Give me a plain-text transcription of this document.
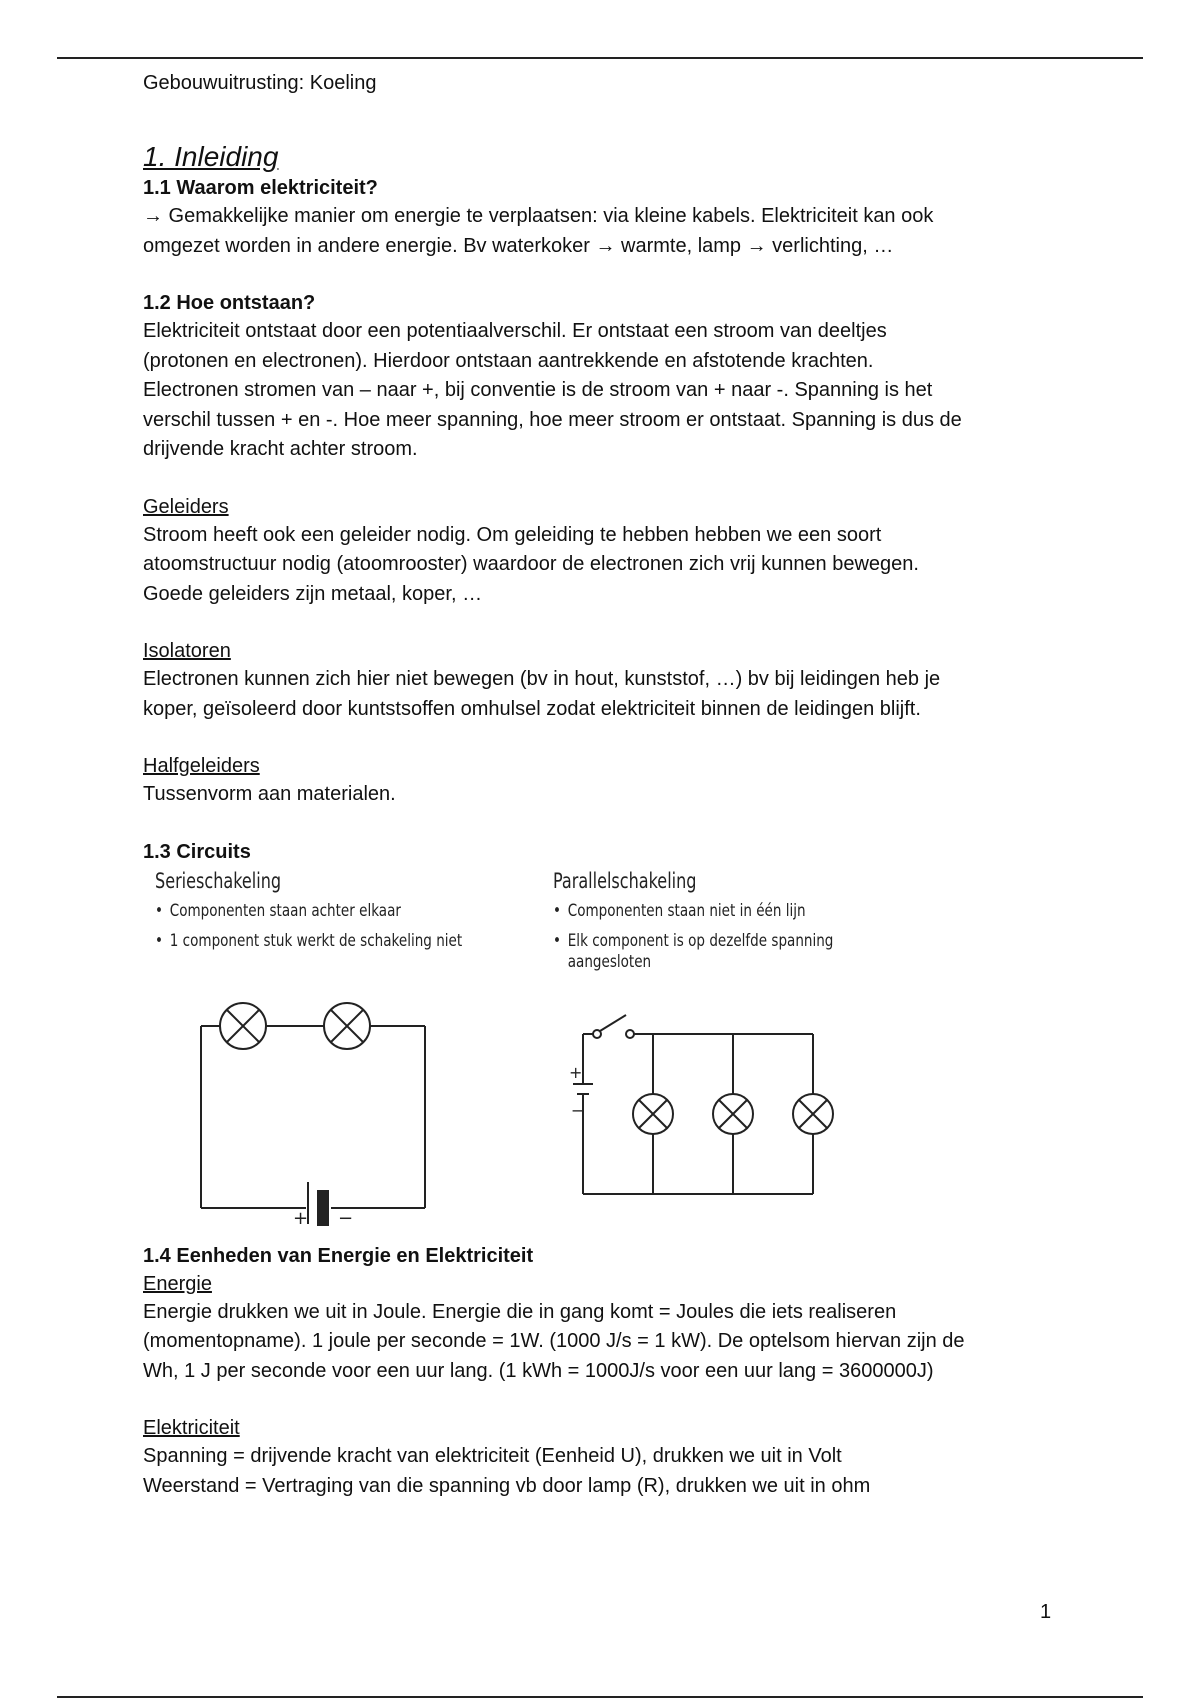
Gebouwuitrusting: Koeling

1. Inleiding
1.1 Waarom elektriciteit?

→ Gemakkelijke manier om energie te verplaatsen: via kleine kabels. Elektriciteit kan ook

omgezet worden in andere energie. Bv waterkoker → warmte, lamp → verlichting, …

1.2 Hoe ontstaan?

Elektriciteit ontstaat door een potentiaalverschil. Er ontstaat een stroom van deeltjes

(protonen en electronen). Hierdoor ontstaan aantrekkende en afstotende krachten.

Electronen stromen van – naar +, bij conventie is de stroom van + naar -. Spanning is het

verschil tussen + en -. Hoe meer spanning, hoe meer stroom er ontstaat. Spanning is dus de

drijvende kracht achter stroom.

Geleiders

Stroom heeft ook een geleider nodig. Om geleiding te hebben hebben we een soort

atoomstructuur nodig (atoomrooster) waardoor de electronen zich vrij kunnen bewegen.

Goede geleiders zijn metaal, koper, …

Isolatoren

Electronen kunnen zich hier niet bewegen (bv in hout, kunststof, …) bv bij leidingen heb je

koper, geïsoleerd door kuntstsoffen omhulsel zodat elektriciteit binnen de leidingen blijft.

Halfgeleiders

Tussenvorm aan materialen.

1.3 Circuits

Serieschakeling

• Componenten staan achter elkaar
• 1 component stuk werkt de schakeling niet

Parallelschakeling

• Componenten staan niet in één lijn
• Elk component is op dezelfde spanning
aangesloten
+ −
+
−
1.4 Eenheden van Energie en Elektriciteit

Energie

Energie drukken we uit in Joule. Energie die in gang komt = Joules die iets realiseren

(momentopname). 1 joule per seconde = 1W. (1000 J/s = 1 kW). De optelsom hiervan zijn de

Wh, 1 J per seconde voor een uur lang. (1 kWh = 1000J/s voor een uur lang = 3600000J)

Elektriciteit

Spanning = drijvende kracht van elektriciteit (Eenheid U), drukken we uit in Volt

Weerstand = Vertraging van die spanning vb door lamp (R), drukken we uit in ohm

1
